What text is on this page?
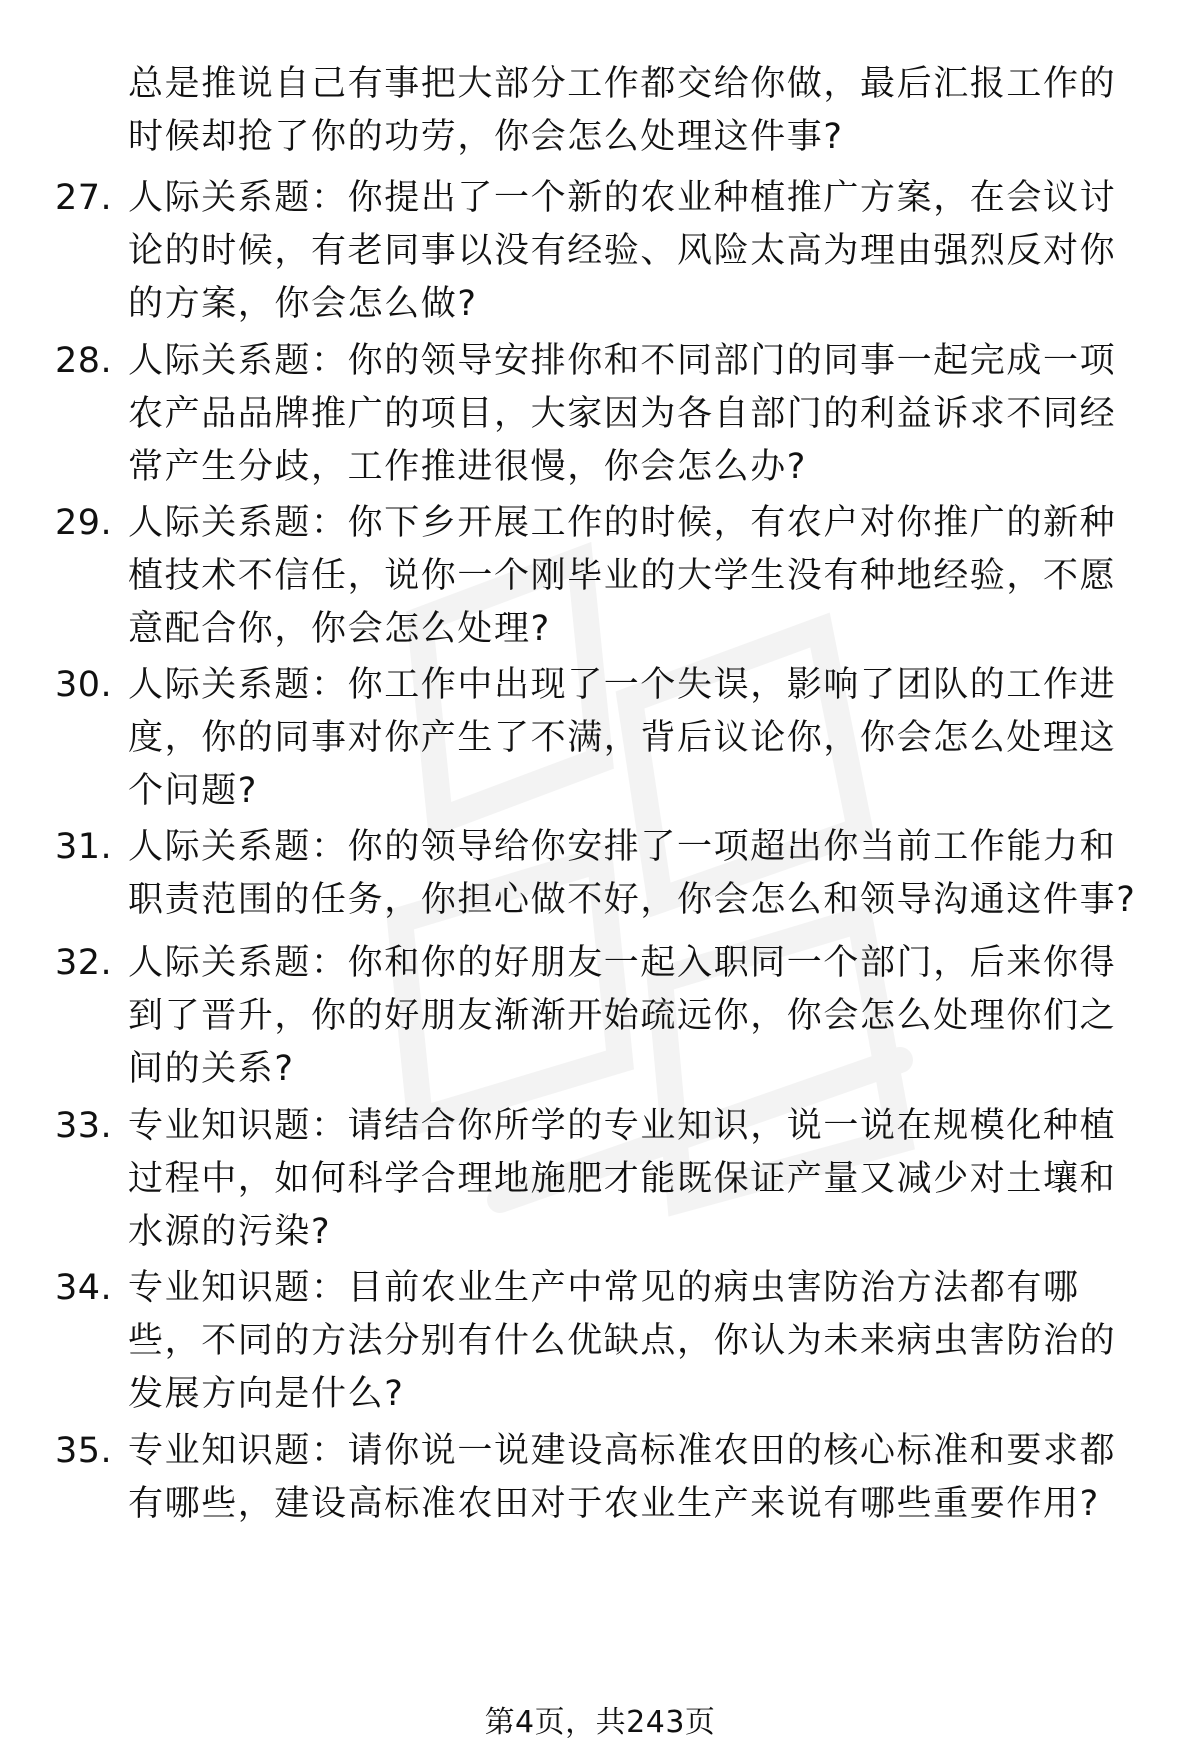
总是推说自己有事把大部分工作都交给你做，最后汇报工作的时候却抢了你的功劳，你会怎么处理这件事?
27. 人际关系题：你提出了一个新的农业种植推广方案，在会议讨论的时候，有老同事以没有经验、风险太高为理由强烈反对你的方案，你会怎么做?
28. 人际关系题：你的领导安排你和不同部门的同事一起完成一项农产品品牌推广的项目，大家因为各自部门的利益诉求不同经常产生分歧，工作推进很慢，你会怎么办?
29. 人际关系题：你下乡开展工作的时候，有农户对你推广的新种植技术不信任，说你一个刚毕业的大学生没有种地经验，不愿意配合你，你会怎么处理?
30. 人际关系题：你工作中出现了一个失误，影响了团队的工作进度，你的同事对你产生了不满，背后议论你，你会怎么处理这个问题?
31. 人际关系题：你的领导给你安排了一项超出你当前工作能力和职责范围的任务，你担心做不好，你会怎么和领导沟通这件事?
32. 人际关系题：你和你的好朋友一起入职同一个部门，后来你得到了晋升，你的好朋友渐渐开始疏远你，你会怎么处理你们之间的关系?
33. 专业知识题：请结合你所学的专业知识，说一说在规模化种植过程中，如何科学合理地施肥才能既保证产量又减少对土壤和水源的污染?
34. 专业知识题：目前农业生产中常见的病虫害防治方法都有哪些，不同的方法分别有什么优缺点，你认为未来病虫害防治的发展方向是什么?
35. 专业知识题：请你说一说建设高标准农田的核心标准和要求都有哪些，建设高标准农田对于农业生产来说有哪些重要作用?
第4页，共243页
